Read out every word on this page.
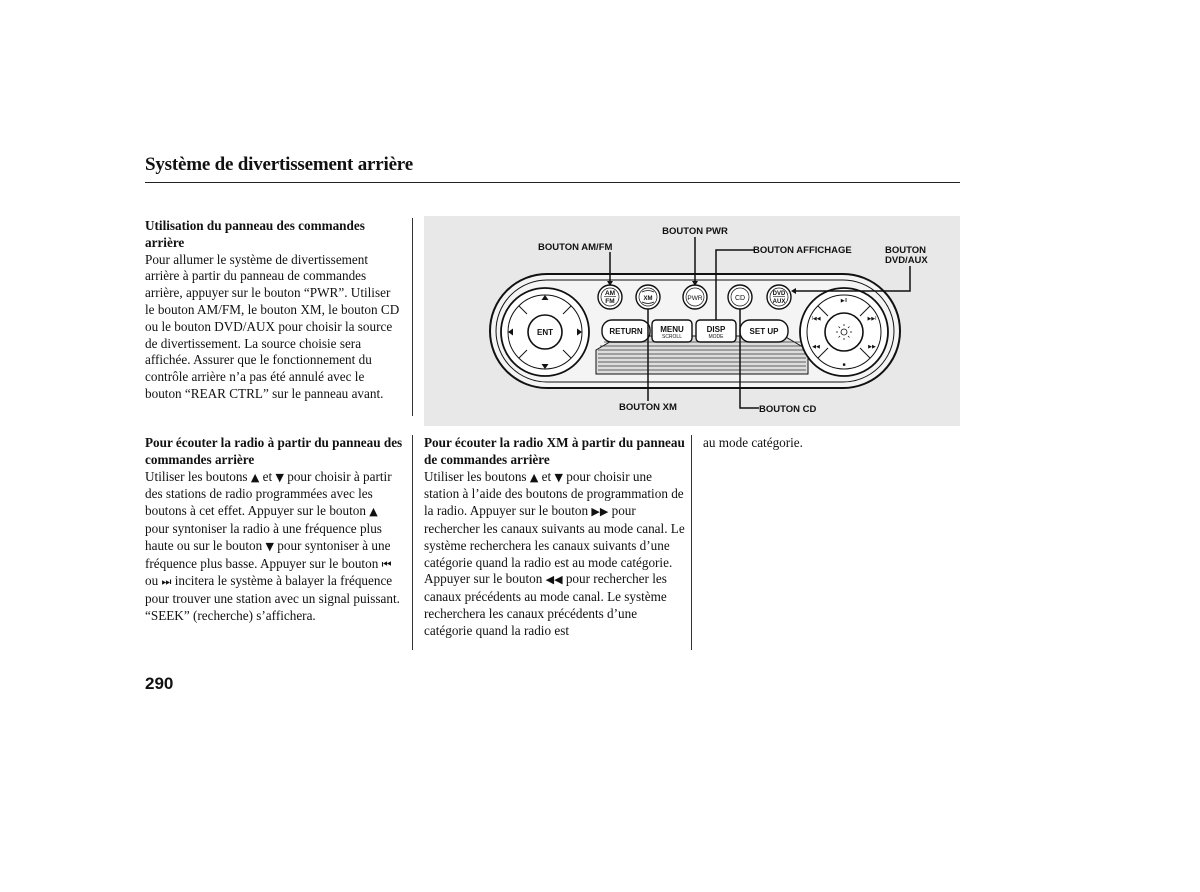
Système de divertissement arrière
Utilisation du panneau des commandes arrière

Pour allumer le système de divertissement arrière à partir du panneau de commandes arrière, appuyer sur le bouton “PWR”. Utiliser le bouton AM/FM, le bouton XM, le bouton CD ou le bouton DVD/AUX pour choisir la source de divertissement. La source choisie sera affichée. Assurer que le fonctionnement du contrôle arrière n’a pas été annulé avec le bouton “REAR CTRL” sur le panneau avant.

ENT
▶II
■
I◀◀	▶▶I
◀◀	▶▶
AM
FM	XM	PWR	CD
DVD
AUX
RETURN MENU
SCROLL
DISP
MODE
SET UP
BOUTON PWR
BOUTON AM/FM	BOUTON AFFICHAGE	BOUTON
DVD/AUX
BOUTON XM	BOUTON CD
Pour écouter la radio à partir du panneau des commandes arrière

Utiliser les boutons ▲ et ▼ pour choisir à partir des stations de radio programmées avec les boutons à cet effet. Appuyer sur le bouton ▲ pour syntoniser la radio à une fréquence plus haute ou sur le bouton ▼ pour syntoniser à une fréquence plus basse. Appuyer sur le bouton ⏮ ou ⏭ incitera le système à balayer la fréquence pour trouver une station avec un signal puissant. “SEEK” (recherche) s’affichera.

Pour écouter la radio XM à partir du panneau de commandes arrière

Utiliser les boutons ▲ et ▼ pour choisir une station à l’aide des boutons de programmation de la radio. Appuyer sur le bouton ▶▶ pour rechercher les canaux suivants au mode canal. Le système recherchera les canaux suivants d’une catégorie quand la radio est au mode catégorie. Appuyer sur le bouton ◀◀ pour rechercher les canaux précédents au mode canal. Le système recherchera les canaux précédents d’une catégorie quand la radio est

au mode catégorie.

290
